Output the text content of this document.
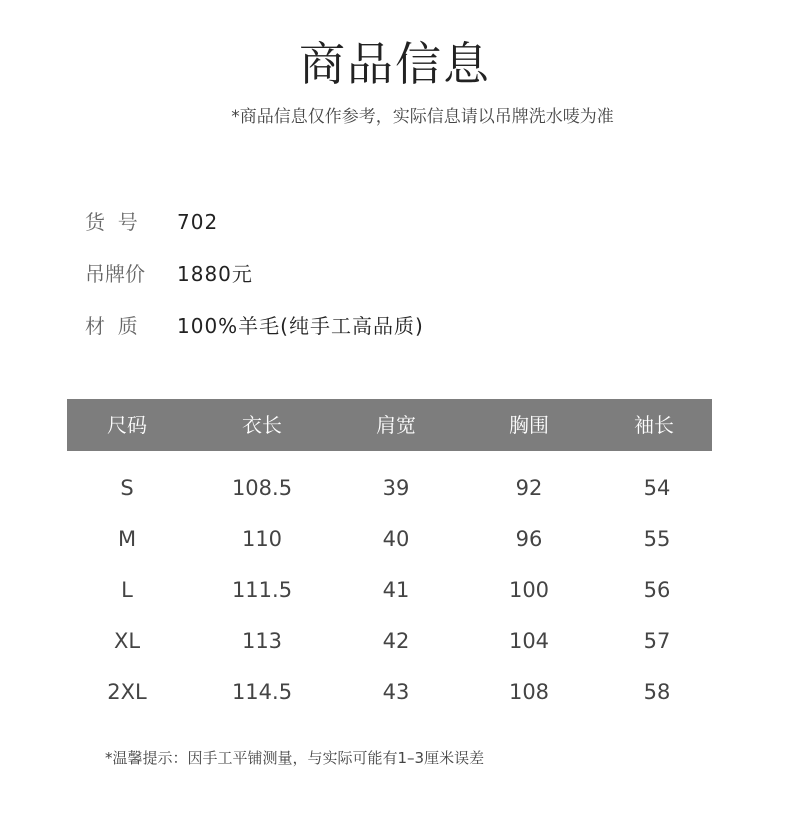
商品信息
*商品信息仅作参考，实际信息请以吊牌洗水唛为准
货  号 702
吊牌价 1880元
材  质 100%羊毛(纯手工高品质)
尺码	衣长	肩宽	胸围	袖长
S	108.5	39	92	54
M	110	40	96	55
L	111.5	41	100	56
XL	113	42	104	57
2XL	114.5	43	108	58
*温馨提示：因手工平铺测量，与实际可能有1–3厘米误差
